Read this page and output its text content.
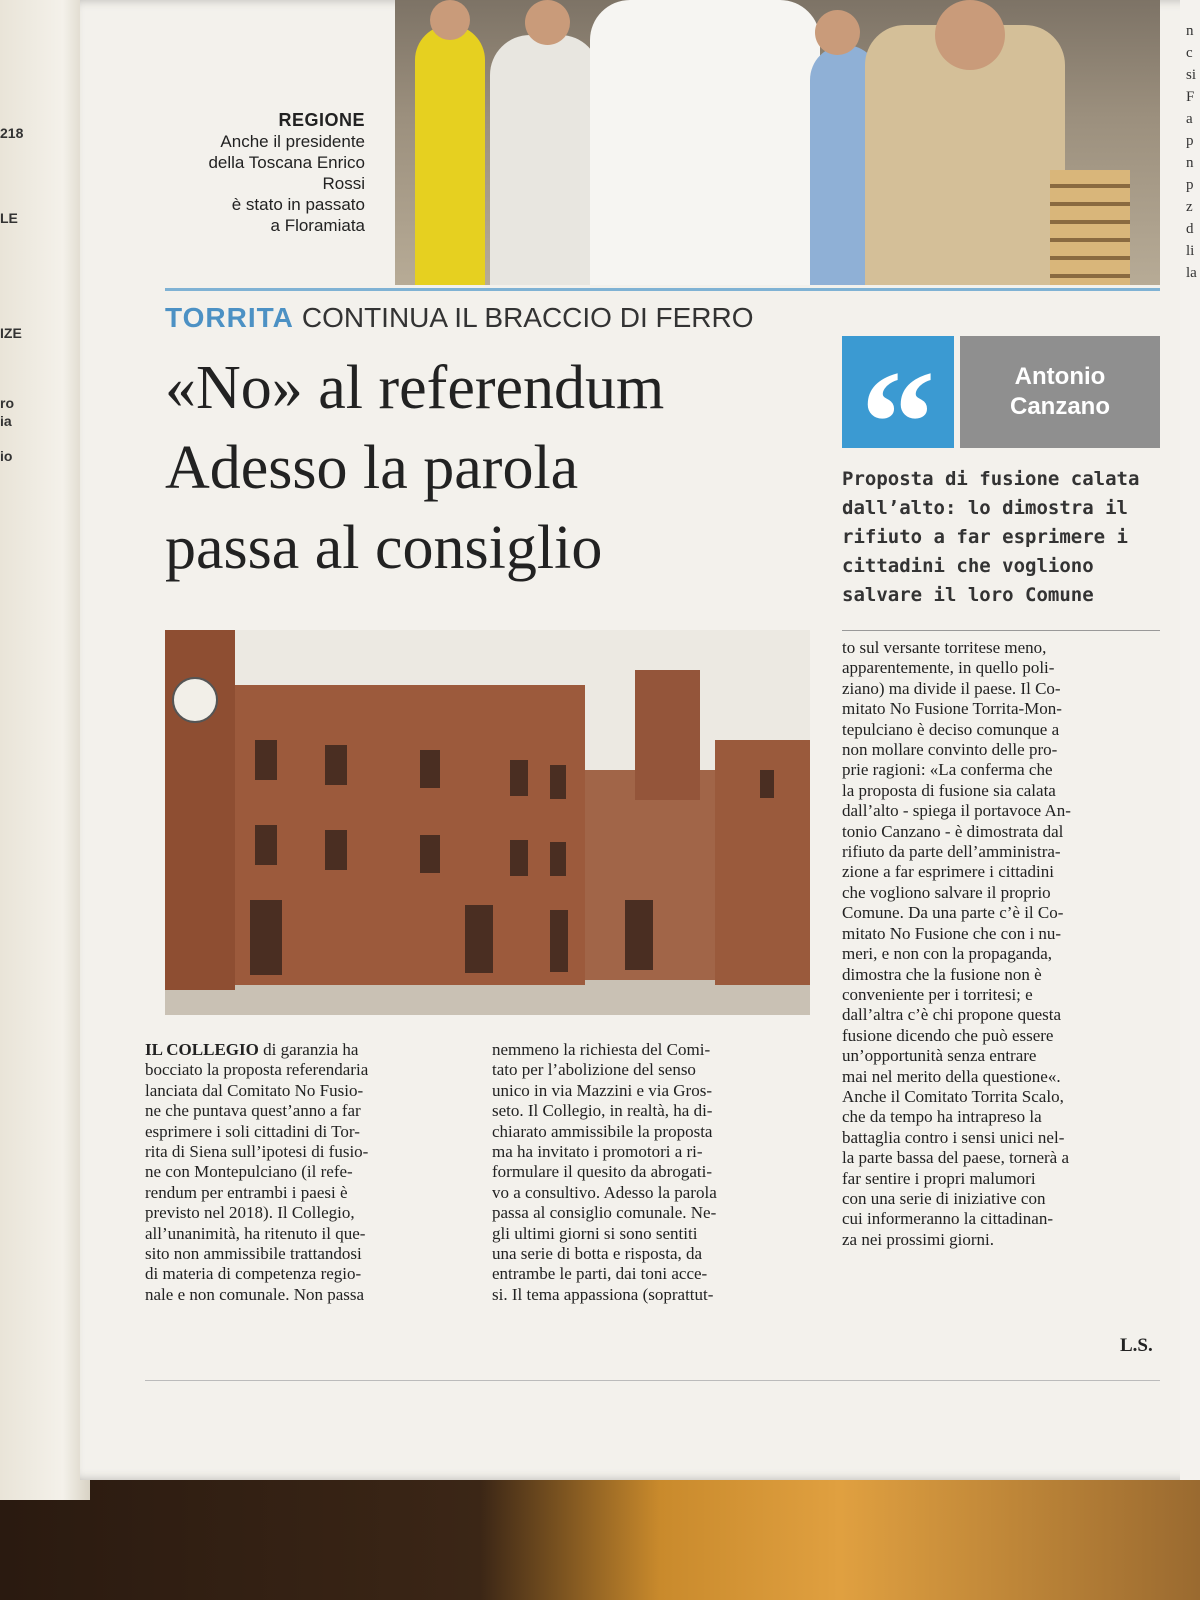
218
LE
IZE
ro
ia
io
REGIONE
Anche il presidente
della Toscana Enrico
Rossi
è stato in passato
a Floramiata
TORRITA CONTINUA IL BRACCIO DI FERRO
«No» al referendum
Adesso la parola
passa al consiglio
“	Antonio
Canzano
Proposta di fusione calata
dall’alto: lo dimostra il
rifiuto a far esprimere i
cittadini che vogliono
salvare il loro Comune
IL COLLEGIO di garanzia ha
bocciato la proposta referendaria
lanciata dal Comitato No Fusio-
ne che puntava quest’anno a far
esprimere i soli cittadini di Tor-
rita di Siena sull’ipotesi di fusio-
ne con Montepulciano (il refe-
rendum per entrambi i paesi è
previsto nel 2018). Il Collegio,
all’unanimità, ha ritenuto il que-
sito non ammissibile trattandosi
di materia di competenza regio-
nale e non comunale. Non passa
nemmeno la richiesta del Comi-
tato per l’abolizione del senso
unico in via Mazzini e via Gros-
seto. Il Collegio, in realtà, ha di-
chiarato ammissibile la proposta
ma ha invitato i promotori a ri-
formulare il quesito da abrogati-
vo a consultivo. Adesso la parola
passa al consiglio comunale. Ne-
gli ultimi giorni si sono sentiti
una serie di botta e risposta, da
entrambe le parti, dai toni acce-
si. Il tema appassiona (soprattut-
to sul versante torritese meno,
apparentemente, in quello poli-
ziano) ma divide il paese. Il Co-
mitato No Fusione Torrita-Mon-
tepulciano è deciso comunque a
non mollare convinto delle pro-
prie ragioni: «La conferma che
la proposta di fusione sia calata
dall’alto - spiega il portavoce An-
tonio Canzano - è dimostrata dal
rifiuto da parte dell’amministra-
zione a far esprimere i cittadini
che vogliono salvare il proprio
Comune. Da una parte c’è il Co-
mitato No Fusione che con i nu-
meri, e non con la propaganda,
dimostra che la fusione non è
conveniente per i torritesi; e
dall’altra c’è chi propone questa
fusione dicendo che può essere
un’opportunità senza entrare
mai nel merito della questione«.
Anche il Comitato Torrita Scalo,
che da tempo ha intrapreso la
battaglia contro i sensi unici nel-
la parte bassa del paese, tornerà a
far sentire i propri malumori
con una serie di iniziative con
cui informeranno la cittadinan-
za nei prossimi giorni.
L.S.
n
c
si
F
a
p
n
p
z
d
li
la
